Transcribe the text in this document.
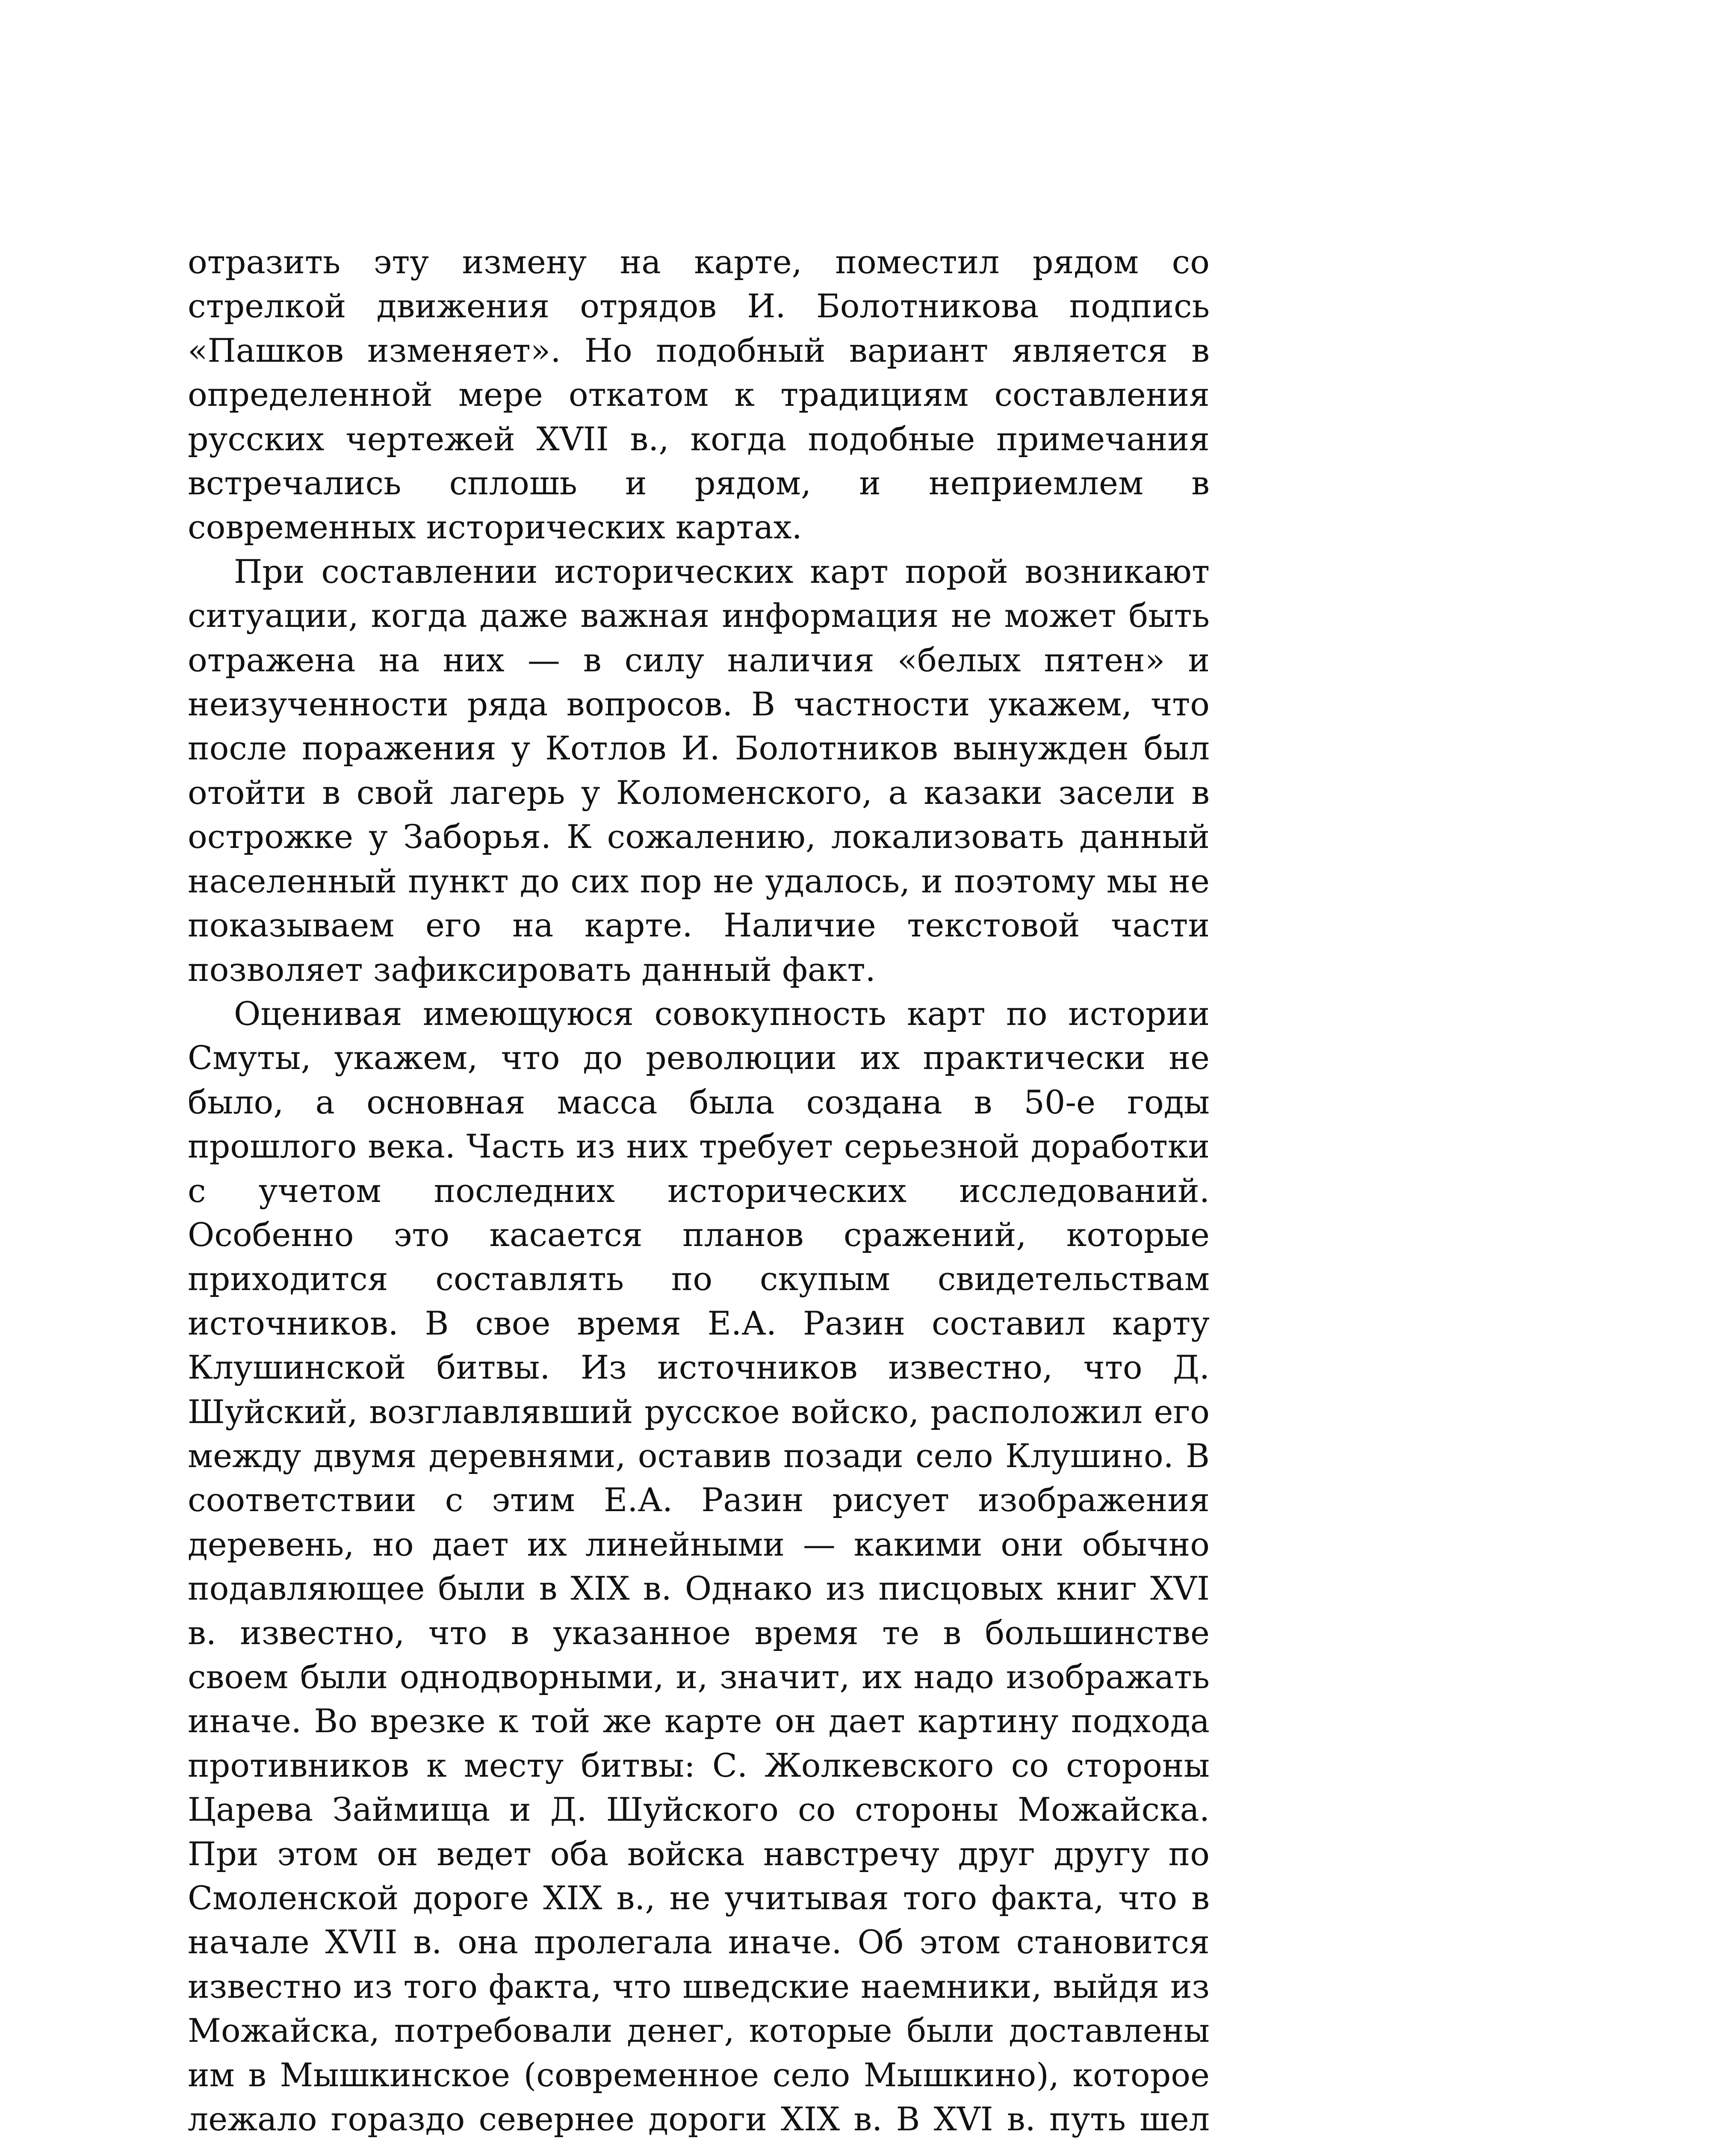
отразить эту измену на карте, поместил рядом со стрелкой движения отрядов И. Болотникова подпись «Пашков изменяет». Но подобный вариант является в определенной мере откатом к традициям составления русских чертежей XVII в., когда подобные примечания встречались сплошь и рядом, и неприемлем в современных исторических картах.

При составлении исторических карт порой возникают ситуации, когда даже важная информация не может быть отражена на них — в силу наличия «белых пятен» и неизученности ряда вопросов. В частности укажем, что после поражения у Котлов И. Болотников вынужден был отойти в свой лагерь у Коломенского, а казаки засели в острожке у Заборья. К сожалению, локализовать данный населенный пункт до сих пор не удалось, и поэтому мы не показываем его на карте. Наличие текстовой части позволяет зафиксировать данный факт.

Оценивая имеющуюся совокупность карт по истории Смуты, укажем, что до революции их практически не было, а основная масса была создана в 50-е годы прошлого века. Часть из них требует серьезной доработки с учетом последних исторических исследований. Особенно это касается планов сражений, которые приходится составлять по скупым свидетельствам источников. В свое время Е.А. Разин составил карту Клушинской битвы. Из источников известно, что Д. Шуйский, возглавлявший русское войско, расположил его между двумя деревнями, оставив позади село Клушино. В соответствии с этим Е.А. Разин рисует изображения деревень, но дает их линейными — какими они обычно подавляющее были в XIX в. Однако из писцовых книг XVI в. известно, что в указанное время те в большинстве своем были однодворными, и, значит, их надо изображать иначе. Во врезке к той же карте он дает картину подхода противников к месту битвы: С. Жолкевского со стороны Царева Займища и Д. Шуйского со стороны Можайска. При этом он ведет оба войска навстречу друг другу по Смоленской дороге XIX в., не учитывая того факта, что в начале XVII в. она пролегала иначе. Об этом становится известно из того факта, что шведские наемники, выйдя из Можайска, потребовали денег, которые были доставлены им в Мышкинское (современное село Мышкино), которое лежало гораздо севернее дороги XIX в. В XVI в. путь шел
